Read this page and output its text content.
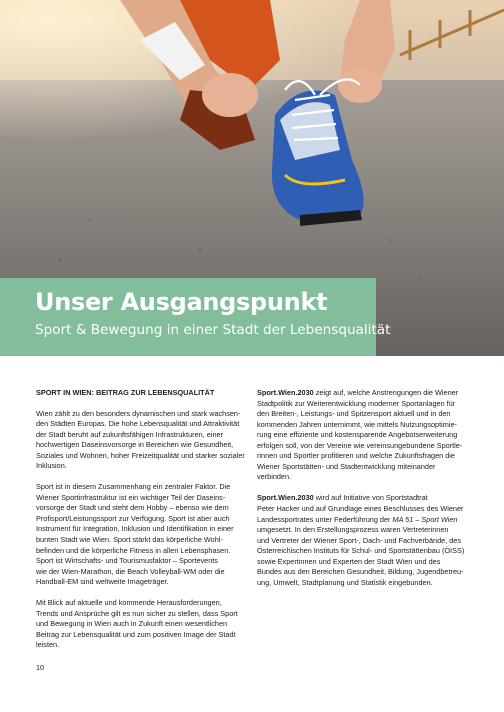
Unser Ausgangspunkt
Sport & Bewegung in einer Stadt der Lebensqualität
SPORT IN WIEN: BEITRAG ZUR LEBENSQUALITÄT

Wien zählt zu den besonders dynamischen und stark wachsen-
den Städten Europas. Die hohe Lebensqualität und Attraktivität
der Stadt beruht auf zukunftsfähigen Infrastrukturen, einer
hochwertigen Daseinsvorsorge in Bereichen wie Gesundheit,
Soziales und Wohnen, hoher Freizeitqualität und starker sozialer
Inklusion.

Sport ist in diesem Zusammenhang ein zentraler Faktor. Die
Wiener Sportinfrastruktur ist ein wichtiger Teil der Daseins-
vorsorge der Stadt und steht dem Hobby – ebenso wie dem
Profisport/Leistungssport zur Verfügung. Sport ist aber auch
Instrument für Integration, Inklusion und Identifikation in einer
bunten Stadt wie Wien. Sport stärkt das körperliche Wohl-
befinden und die körperliche Fitness in allen Lebensphasen.
Sport ist Wirtschafts- und Tourismusfaktor – Sportevents
wie der Wien-Marathon, die Beach Volleyball-WM oder die
Handball-EM sind weltweite Imageträger.

Mit Blick auf aktuelle und kommende Herausforderungen,
Trends und Ansprüche gilt es nun sicher zu stellen, dass Sport
und Bewegung in Wien auch in Zukunft einen wesentlichen
Beitrag zur Lebensqualität und zum positiven Image der Stadt
leisten.

Sport.Wien.2030 zeigt auf, welche Anstrengungen die Wiener
Stadtpolitik zur Weiterentwicklung moderner Sportanlagen für
den Breiten-, Leistungs- und Spitzensport aktuell und in den
kommenden Jahren unternimmt, wie mittels Nutzungsoptimie-
rung eine effiziente und kostensparende Angebotserweiterung
erfolgen soll, von der Vereine wie vereinsungebundene Sportle-
rinnen und Sportler profitieren und welche Zukunftsfragen die
Wiener Sportstätten- und Stadtentwicklung miteinander
verbinden.

Sport.Wien.2030 wird auf Initiative von Sportstadtrat
Peter Hacker und auf Grundlage eines Beschlusses des Wiener
Landessportrates unter Federführung der MA 51 – Sport Wien
umgesetzt. In den Erstellungsprozess waren Vertreterinnen
und Vertreter der Wiener Sport-, Dach- und Fachverbände, des
Österreichischen Instituts für Schul- und Sportstättenbau (ÖISS)
sowie Expertinnen und Experten der Stadt Wien und des
Bundes aus den Bereichen Gesundheit, Bildung, Jugendbetreu-
ung, Umwelt, Stadtplanung und Statistik eingebunden.

10
